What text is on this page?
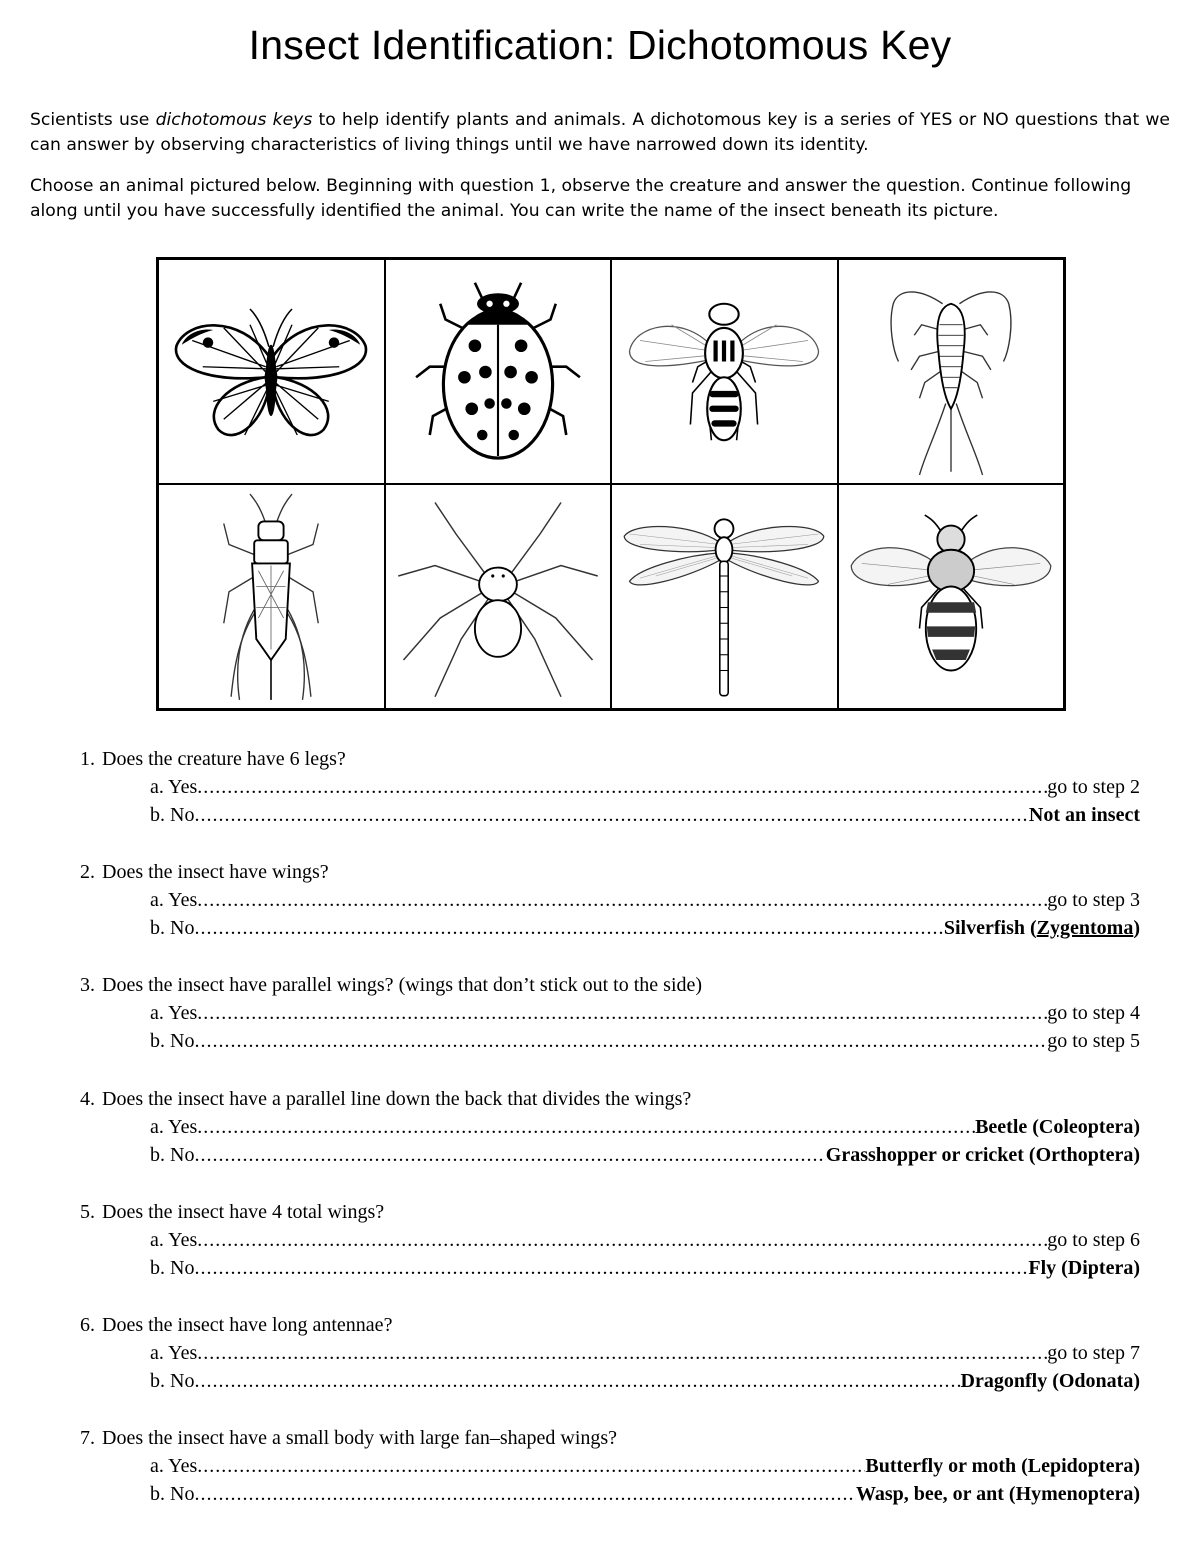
Insect Identification: Dichotomous Key

Scientists use dichotomous keys to help identify plants and animals. A dichotomous key is a series of YES or NO questions that we can answer by observing characteristics of living things until we have narrowed down its identity.

Choose an animal pictured below. Beginning with question 1, observe the creature and answer the question. Continue following along until you have successfully identified the animal. You can write the name of the insect beneath its picture.

1. Does the creature have 6 legs?
a. Yes .....	go to step 2
b. No .....	Not an insect
2. Does the insect have wings?
a. Yes .....	go to step 3
b. No .....	Silverfish (Zygentoma)
3. Does the insect have parallel wings? (wings that don’t stick out to the side)
a. Yes .....	go to step 4
b. No .....	go to step 5
4. Does the insect have a parallel line down the back that divides the wings?
a. Yes .....	Beetle (Coleoptera)
b. No .....	Grasshopper or cricket (Orthoptera)
5. Does the insect have 4 total wings?
a. Yes .....	go to step 6
b. No .....	Fly (Diptera)
6. Does the insect have long antennae?
a. Yes .....	go to step 7
b. No .....	Dragonfly (Odonata)
7. Does the insect have a small body with large fan–shaped wings?
a. Yes .....	Butterfly or moth (Lepidoptera)
b. No .....	Wasp, bee, or ant (Hymenoptera)
